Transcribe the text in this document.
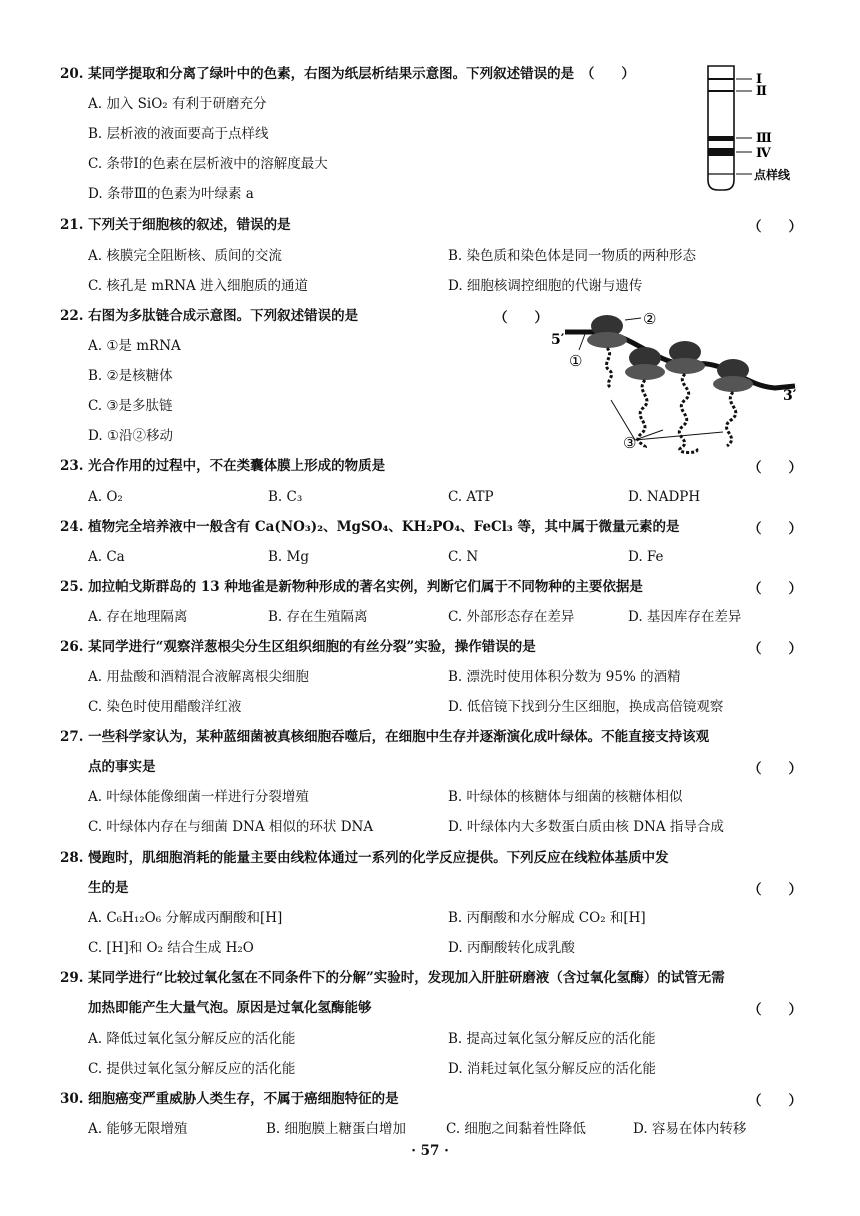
20. 某同学提取和分离了绿叶中的色素，右图为纸层析结果示意图。下列叙述错误的是　（　　）
A. 加入 SiO₂ 有利于研磨充分
B. 层析液的液面要高于点样线
C. 条带Ⅰ的色素在层析液中的溶解度最大
D. 条带Ⅲ的色素为叶绿素 a
Ⅰ
Ⅱ
Ⅲ
Ⅳ
点样线
21. 下列关于细胞核的叙述，错误的是	（　　）
A. 核膜完全阻断核、质间的交流	B. 染色质和染色体是同一物质的两种形态
C. 核孔是 mRNA 进入细胞质的通道	D. 细胞核调控细胞的代谢与遗传
22. 右图为多肽链合成示意图。下列叙述错误的是	（　　）
A. ①是 mRNA
B. ②是核糖体
C. ③是多肽链
D. ①沿②移动
5′
3′
①
②
③
23. 光合作用的过程中，不在类囊体膜上形成的物质是	（　　）
A. O₂	B. C₃	C. ATP	D. NADPH
24. 植物完全培养液中一般含有 Ca(NO₃)₂、MgSO₄、KH₂PO₄、FeCl₃ 等，其中属于微量元素的是	（　　）
A. Ca	B. Mg	C. N	D. Fe
25. 加拉帕戈斯群岛的 13 种地雀是新物种形成的著名实例，判断它们属于不同物种的主要依据是	（　　）
A. 存在地理隔离	B. 存在生殖隔离	C. 外部形态存在差异	D. 基因库存在差异
26. 某同学进行“观察洋葱根尖分生区组织细胞的有丝分裂”实验，操作错误的是	（　　）
A. 用盐酸和酒精混合液解离根尖细胞	B. 漂洗时使用体积分数为 95% 的酒精
C. 染色时使用醋酸洋红液	D. 低倍镜下找到分生区细胞，换成高倍镜观察
27. 一些科学家认为，某种蓝细菌被真核细胞吞噬后，在细胞中生存并逐渐演化成叶绿体。不能直接支持该观
点的事实是	（　　）
A. 叶绿体能像细菌一样进行分裂增殖	B. 叶绿体的核糖体与细菌的核糖体相似
C. 叶绿体内存在与细菌 DNA 相似的环状 DNA	D. 叶绿体内大多数蛋白质由核 DNA 指导合成
28. 慢跑时，肌细胞消耗的能量主要由线粒体通过一系列的化学反应提供。下列反应在线粒体基质中发
生的是	（　　）
A. C₆H₁₂O₆ 分解成丙酮酸和[H]	B. 丙酮酸和水分解成 CO₂ 和[H]
C. [H]和 O₂ 结合生成 H₂O	D. 丙酮酸转化成乳酸
29. 某同学进行“比较过氧化氢在不同条件下的分解”实验时，发现加入肝脏研磨液（含过氧化氢酶）的试管无需
加热即能产生大量气泡。原因是过氧化氢酶能够	（　　）
A. 降低过氧化氢分解反应的活化能	B. 提高过氧化氢分解反应的活化能
C. 提供过氧化氢分解反应的活化能	D. 消耗过氧化氢分解反应的活化能
30. 细胞癌变严重威胁人类生存，不属于癌细胞特征的是	（　　）
A. 能够无限增殖	B. 细胞膜上糖蛋白增加	C. 细胞之间黏着性降低	D. 容易在体内转移
· 57 ·
